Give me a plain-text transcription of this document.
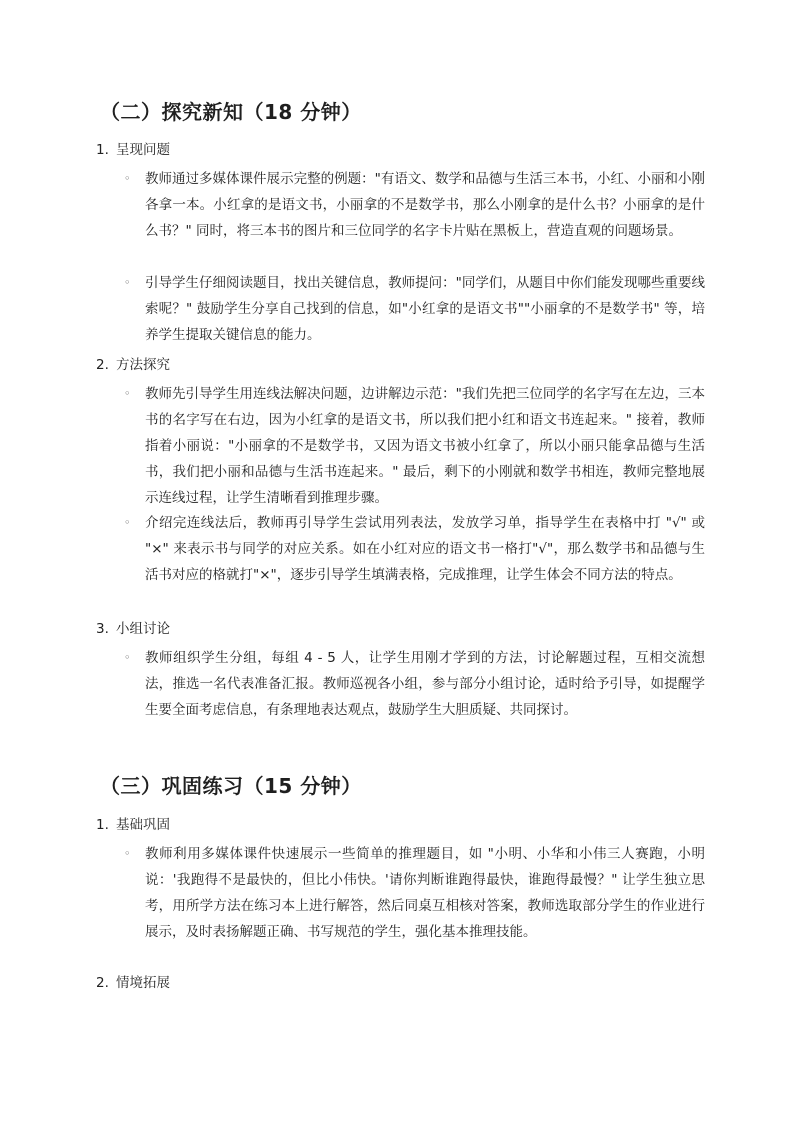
（二）探究新知（18 分钟）
1. 呈现问题
◦ 教师通过多媒体课件展示完整的例题："有语文、数学和品德与生活三本书，小红、小丽和小刚各拿一本。小红拿的是语文书，小丽拿的不是数学书，那么小刚拿的是什么书？小丽拿的是什么书？" 同时，将三本书的图片和三位同学的名字卡片贴在黑板上，营造直观的问题场景。
◦ 引导学生仔细阅读题目，找出关键信息，教师提问："同学们，从题目中你们能发现哪些重要线索呢？" 鼓励学生分享自己找到的信息，如"小红拿的是语文书""小丽拿的不是数学书" 等，培养学生提取关键信息的能力。
2. 方法探究
◦ 教师先引导学生用连线法解决问题，边讲解边示范："我们先把三位同学的名字写在左边，三本书的名字写在右边，因为小红拿的是语文书，所以我们把小红和语文书连起来。" 接着，教师指着小丽说："小丽拿的不是数学书，又因为语文书被小红拿了，所以小丽只能拿品德与生活书，我们把小丽和品德与生活书连起来。" 最后，剩下的小刚就和数学书相连，教师完整地展示连线过程，让学生清晰看到推理步骤。
◦ 介绍完连线法后，教师再引导学生尝试用列表法，发放学习单，指导学生在表格中打 "√" 或 "×" 来表示书与同学的对应关系。如在小红对应的语文书一格打"√"，那么数学书和品德与生活书对应的格就打"×"，逐步引导学生填满表格，完成推理，让学生体会不同方法的特点。
3. 小组讨论
◦ 教师组织学生分组，每组 4 - 5 人，让学生用刚才学到的方法，讨论解题过程，互相交流想法，推选一名代表准备汇报。教师巡视各小组，参与部分小组讨论，适时给予引导，如提醒学生要全面考虑信息，有条理地表达观点，鼓励学生大胆质疑、共同探讨。
（三）巩固练习（15 分钟）
1. 基础巩固
◦ 教师利用多媒体课件快速展示一些简单的推理题目，如 "小明、小华和小伟三人赛跑，小明说：'我跑得不是最快的，但比小伟快。'请你判断谁跑得最快，谁跑得最慢？" 让学生独立思考，用所学方法在练习本上进行解答，然后同桌互相核对答案，教师选取部分学生的作业进行展示，及时表扬解题正确、书写规范的学生，强化基本推理技能。
2. 情境拓展
